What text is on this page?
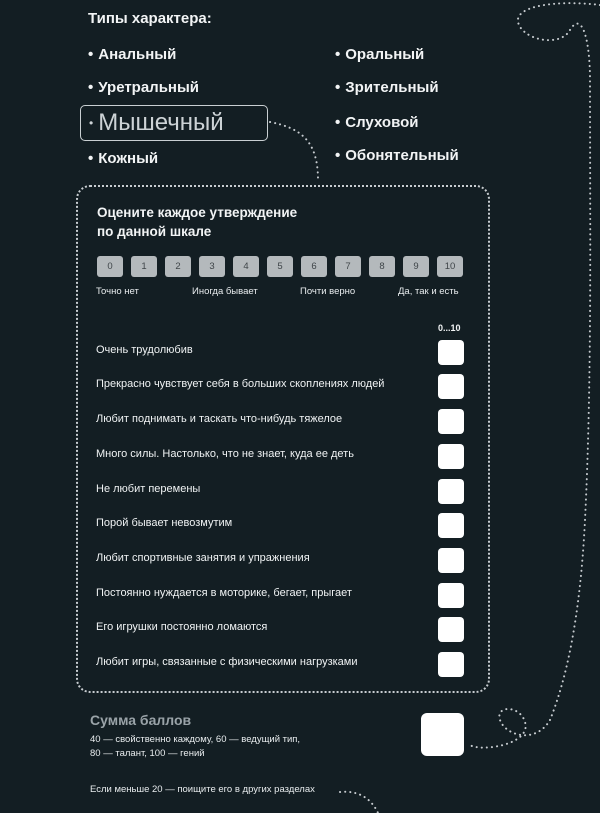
Типы характера:
• Анальный
• Уретральный
• Мышечный
• Кожный
• Оральный
• Зрительный
• Слуховой
• Обонятельный
Оцените каждое утверждение
по данной шкале
0	1	2	3	4	5	6	7	8	9	10
Точно нет	Иногда бывает	Почти верно	Да, так и есть
0...10
Очень трудолюбив
Прекрасно чувствует себя в больших скоплениях людей
Любит поднимать и таскать что-нибудь тяжелое
Много силы. Настолько, что не знает, куда ее деть
Не любит перемены
Порой бывает невозмутим
Любит спортивные занятия и упражнения
Постоянно нуждается в моторике, бегает, прыгает
Его игрушки постоянно ломаются
Любит игры, связанные с физическими нагрузками
Сумма баллов
40 — свойственно каждому, 60 — ведущий тип,
80 — талант, 100 — гений
Если меньше 20 — поищите его в других разделах
